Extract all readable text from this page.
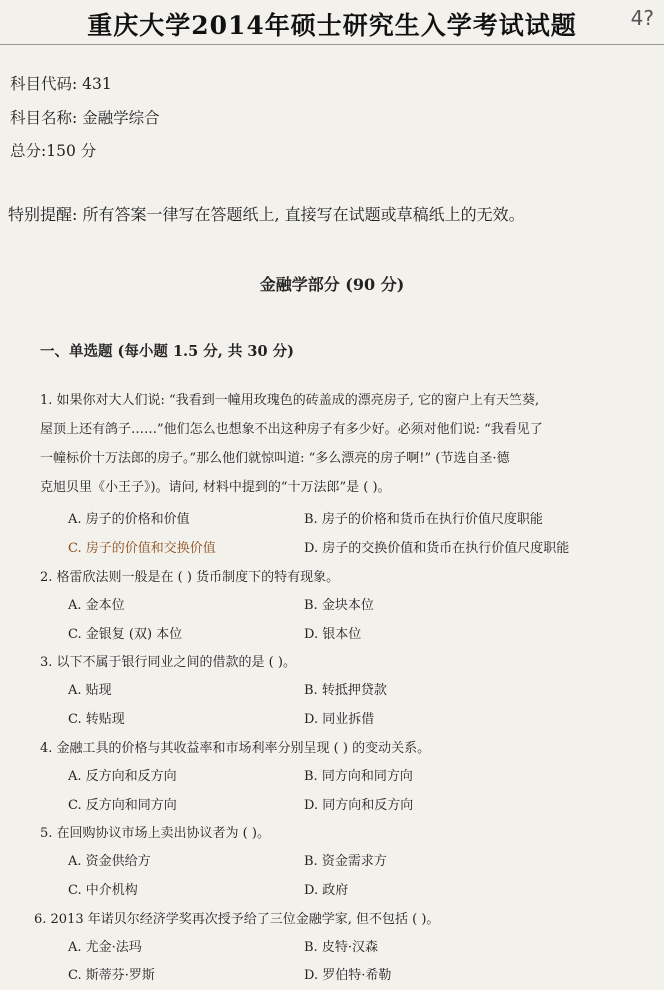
重庆大学2014年硕士研究生入学考试试题	4?
科目代码: 431
科目名称: 金融学综合
总分:150 分
特别提醒: 所有答案一律写在答题纸上, 直接写在试题或草稿纸上的无效。
金融学部分 (90 分)
一、单选题 (每小题 1.5 分, 共 30 分)
1. 如果你对大人们说: “我看到一幢用玫瑰色的砖盖成的漂亮房子, 它的窗户上有天竺葵,
屋顶上还有鸽子……”他们怎么也想象不出这种房子有多少好。必须对他们说: “我看见了
一幢标价十万法郎的房子。”那么他们就惊叫道: “多么漂亮的房子啊!” (节选自圣·德
克旭贝里《小王子》)。请问, 材料中提到的“十万法郎”是 ( )。
A. 房子的价格和价值	B. 房子的价格和货币在执行价值尺度职能
C. 房子的价值和交换价值	D. 房子的交换价值和货币在执行价值尺度职能
2. 格雷欣法则一般是在 ( ) 货币制度下的特有现象。
A. 金本位	B. 金块本位
C. 金银复 (双) 本位	D. 银本位
3. 以下不属于银行同业之间的借款的是 ( )。
A. 贴现	B. 转抵押贷款
C. 转贴现	D. 同业拆借
4. 金融工具的价格与其收益率和市场利率分别呈现 ( ) 的变动关系。
A. 反方向和反方向	B. 同方向和同方向
C. 反方向和同方向	D. 同方向和反方向
5. 在回购协议市场上卖出协议者为 ( )。
A. 资金供给方	B. 资金需求方
C. 中介机构	D. 政府
6. 2013 年诺贝尔经济学奖再次授予给了三位金融学家, 但不包括 ( )。
A. 尤金·法玛	B. 皮特·汉森
C. 斯蒂芬·罗斯	D. 罗伯特·希勒
